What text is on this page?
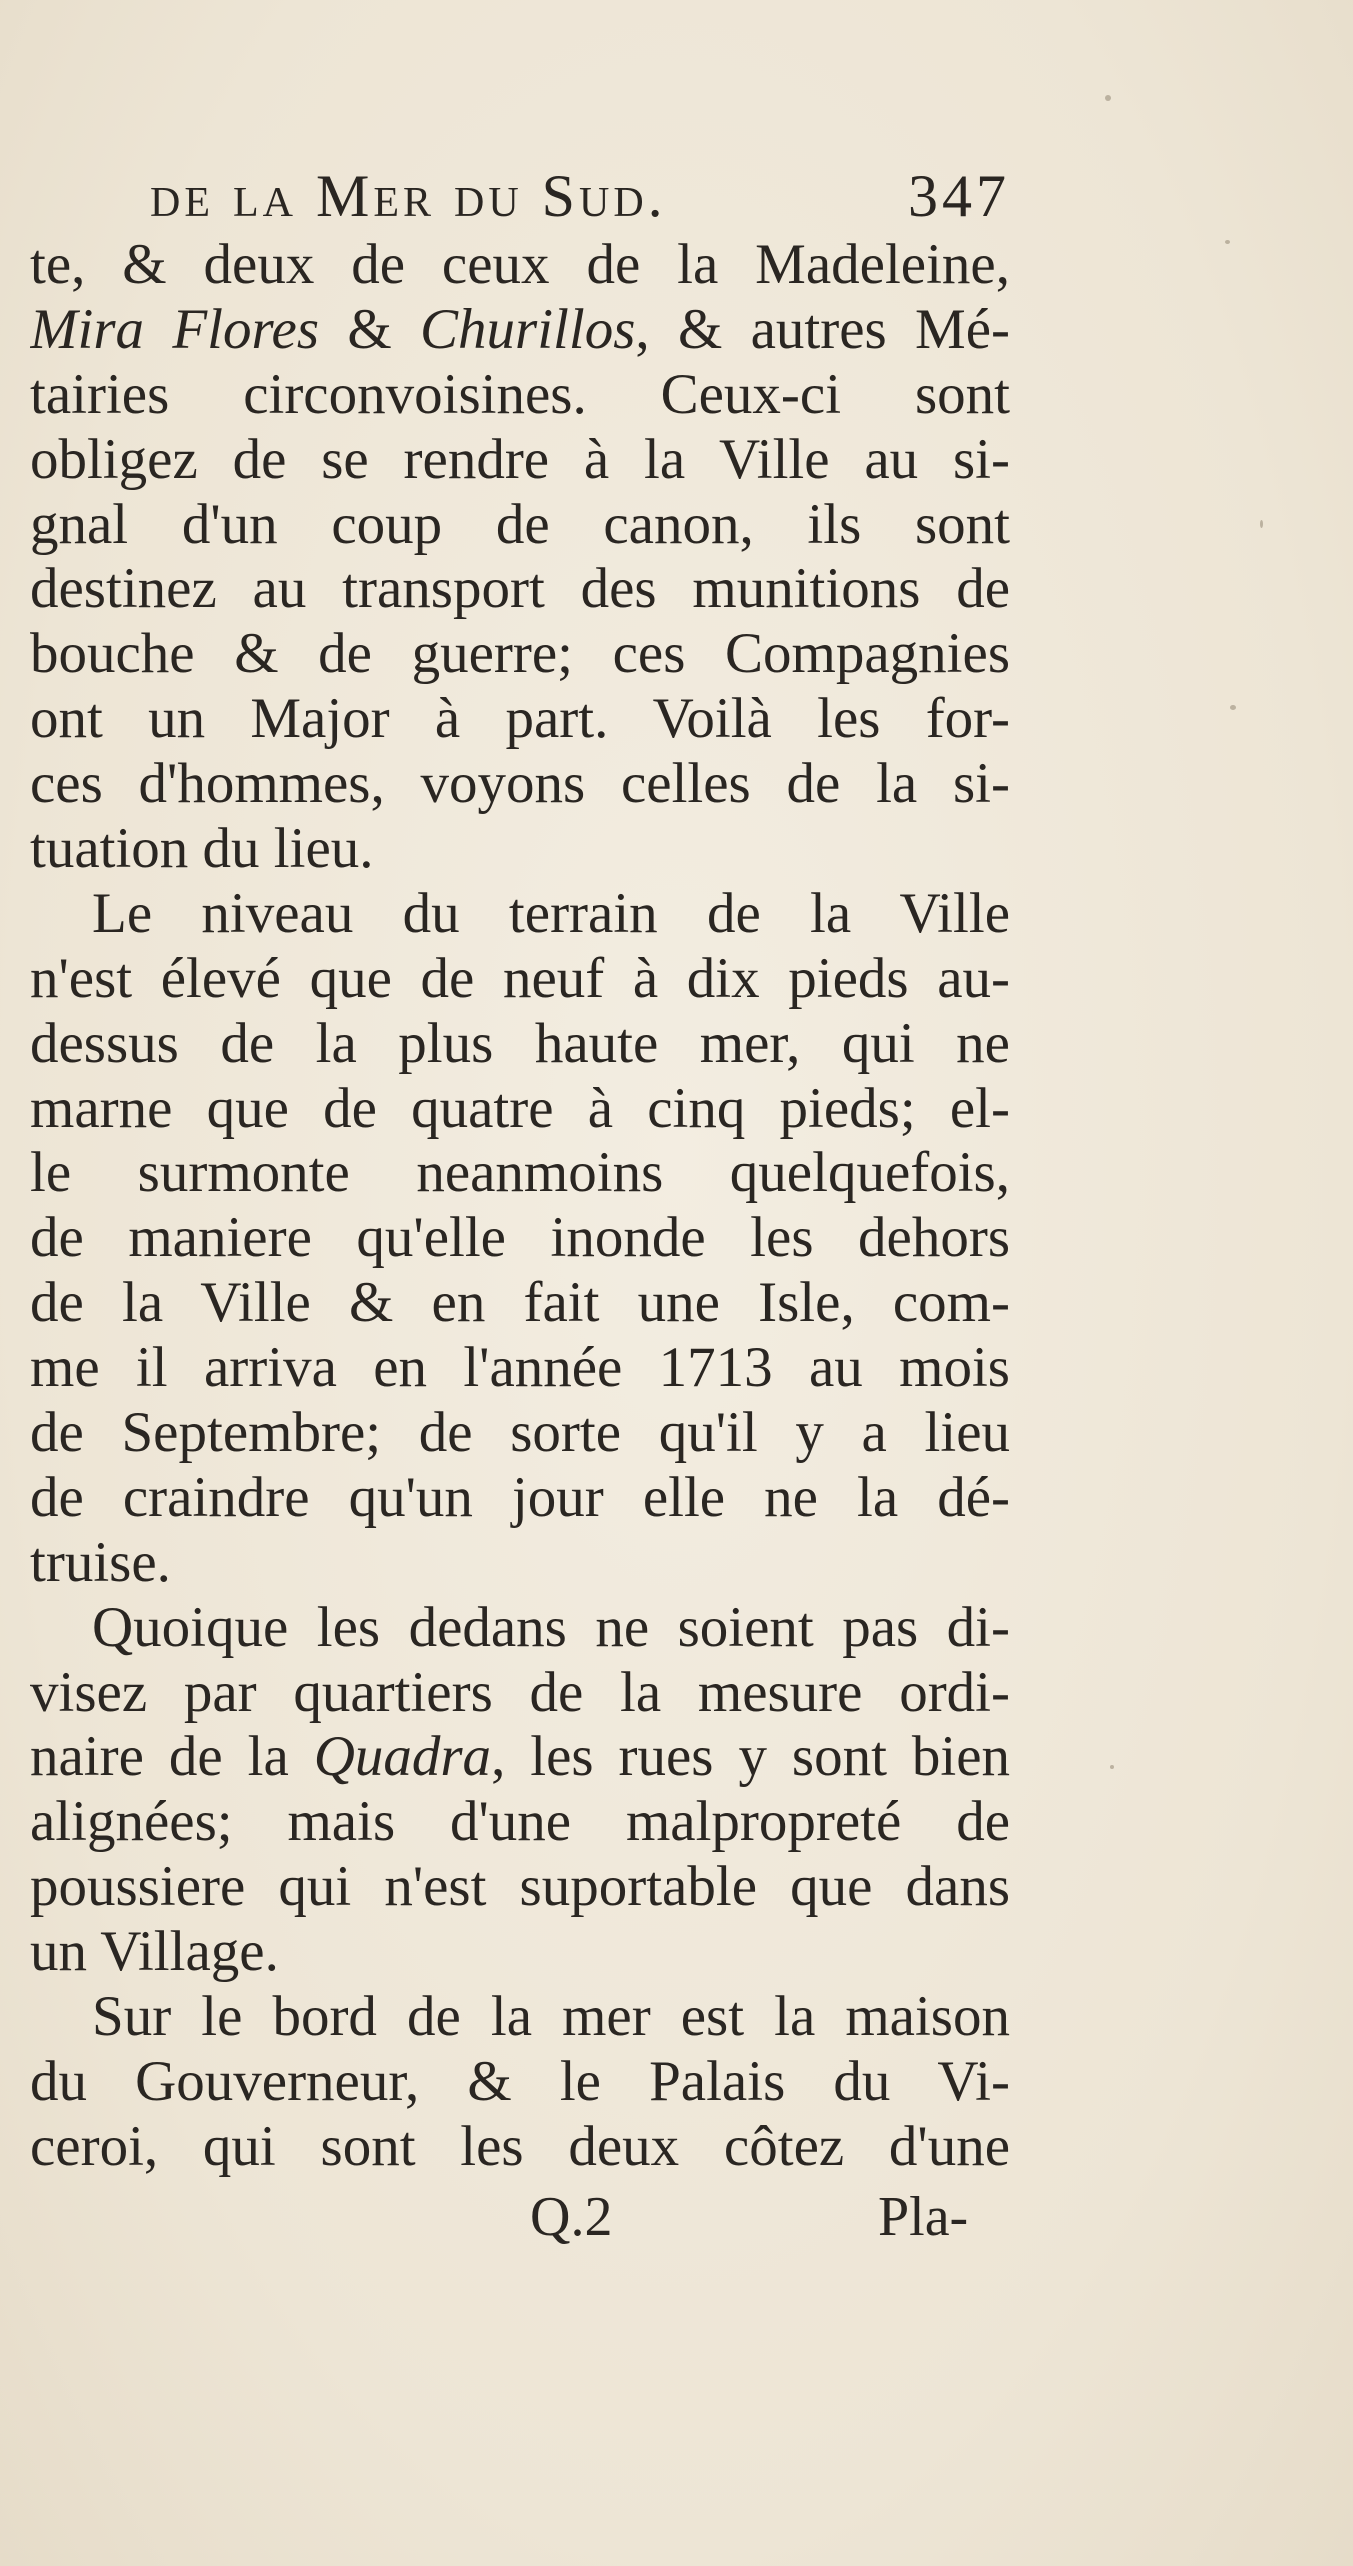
de la Mer du Sud.	347
te, & deux de ceux de la Madeleine,
Mira Flores & Churillos, & autres Mé-
tairies circonvoisines. Ceux-ci sont
obligez de se rendre à la Ville au si-
gnal d'un coup de canon, ils sont
destinez au transport des munitions de
bouche & de guerre; ces Compagnies
ont un Major à part. Voilà les for-
ces d'hommes, voyons celles de la si-
tuation du lieu.
Le niveau du terrain de la Ville
n'est élevé que de neuf à dix pieds au-
dessus de la plus haute mer, qui ne
marne que de quatre à cinq pieds; el-
le surmonte neanmoins quelquefois,
de maniere qu'elle inonde les dehors
de la Ville & en fait une Isle, com-
me il arriva en l'année 1713 au mois
de Septembre; de sorte qu'il y a lieu
de craindre qu'un jour elle ne la dé-
truise.
Quoique les dedans ne soient pas di-
visez par quartiers de la mesure ordi-
naire de la Quadra, les rues y sont bien
alignées; mais d'une malpropreté de
poussiere qui n'est suportable que dans
un Village.
Sur le bord de la mer est la maison
du Gouverneur, & le Palais du Vi-
ceroi, qui sont les deux côtez d'une
Q.2	Pla-
